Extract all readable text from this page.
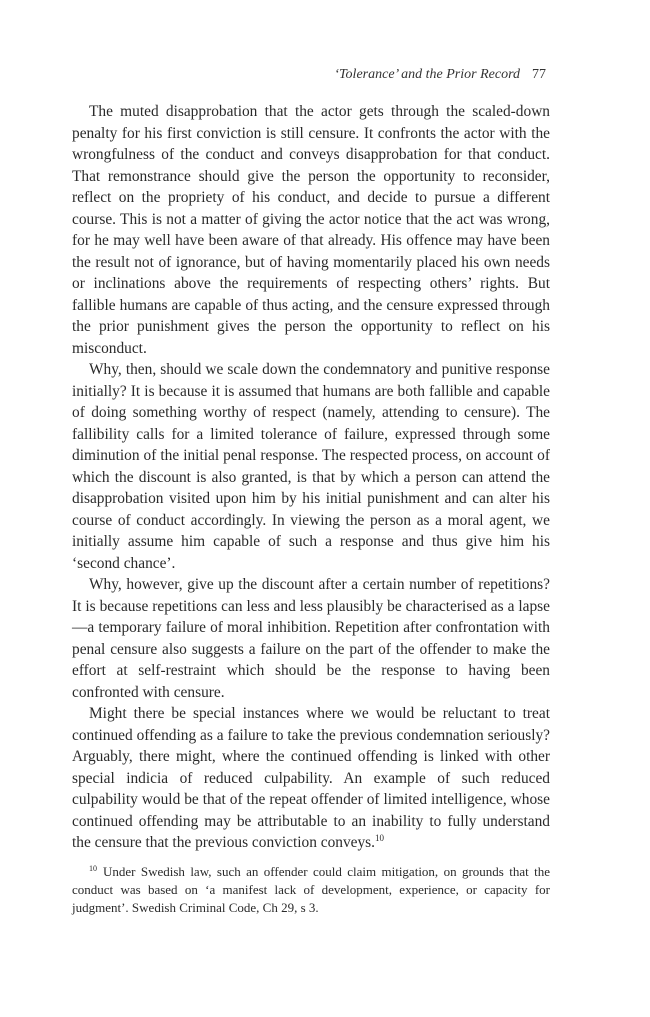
‘Tolerance’ and the Prior Record 77

The muted disapprobation that the actor gets through the scaled-down penalty for his first conviction is still censure. It confronts the actor with the wrongfulness of the conduct and conveys disapprobation for that conduct. That remonstrance should give the person the opportunity to reconsider, reflect on the propriety of his conduct, and decide to pursue a different course. This is not a matter of giving the actor notice that the act was wrong, for he may well have been aware of that already. His offence may have been the result not of ignorance, but of having momentarily placed his own needs or inclinations above the requirements of respecting others’ rights. But fallible humans are capable of thus acting, and the censure expressed through the prior punishment gives the person the opportunity to reflect on his misconduct.

Why, then, should we scale down the condemnatory and punitive response initially? It is because it is assumed that humans are both fallible and capable of doing something worthy of respect (namely, attending to censure). The fallibility calls for a limited tolerance of failure, expressed through some diminution of the initial penal response. The respected process, on account of which the discount is also granted, is that by which a person can attend the disapprobation visited upon him by his initial punishment and can alter his course of conduct accordingly. In viewing the person as a moral agent, we initially assume him capable of such a response and thus give him his ‘second chance’.

Why, however, give up the discount after a certain number of repetitions? It is because repetitions can less and less plausibly be characterised as a lapse—a temporary failure of moral inhibition. Repetition after confrontation with penal censure also suggests a failure on the part of the offender to make the effort at self-restraint which should be the response to having been confronted with censure.

Might there be special instances where we would be reluctant to treat continued offending as a failure to take the previous condemnation seriously? Arguably, there might, where the continued offending is linked with other special indicia of reduced culpability. An example of such reduced culpability would be that of the repeat offender of limited intelligence, whose continued offending may be attributable to an inability to fully understand the censure that the previous conviction conveys.$^{10}$

$^{10}$ Under Swedish law, such an offender could claim mitigation, on grounds that the conduct was based on ‘a manifest lack of development, experience, or capacity for judgment’. Swedish Criminal Code, Ch 29, s 3.
